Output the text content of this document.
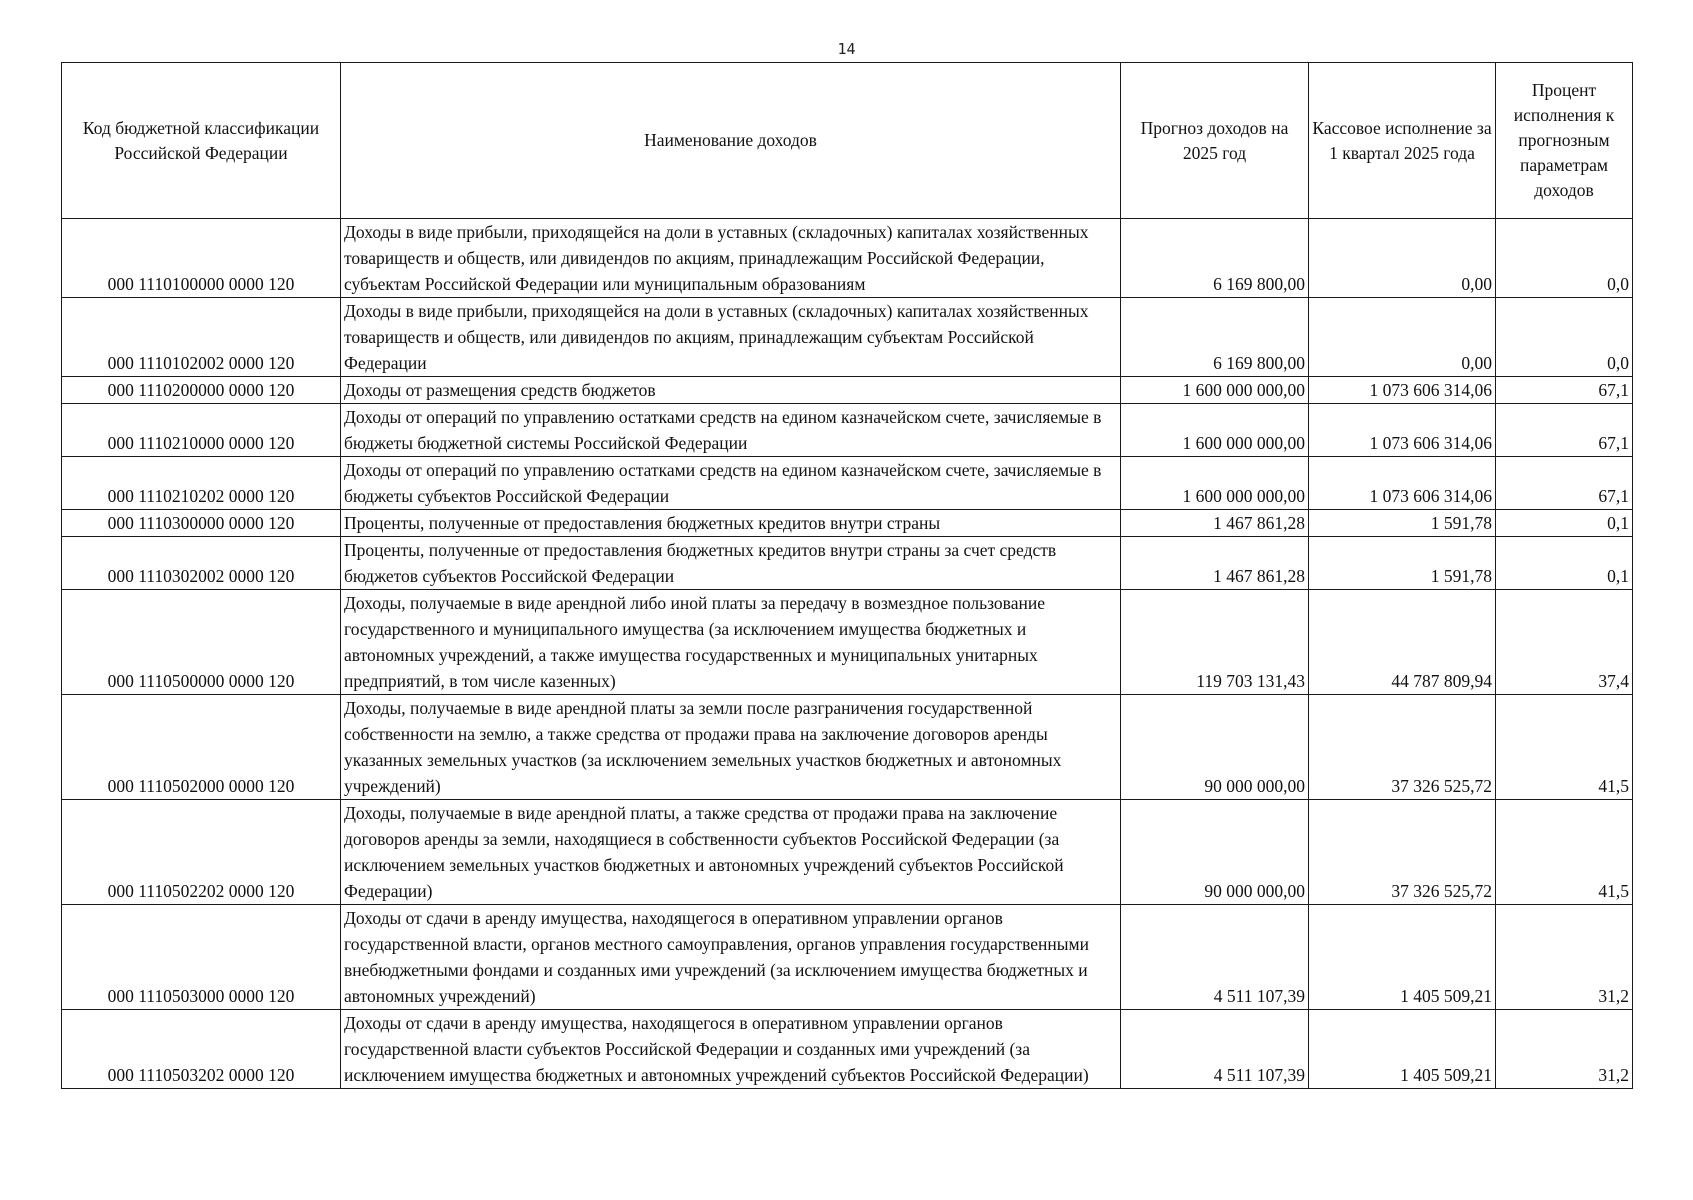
14
Код бюджетной классификации Российской Федерации	Наименование доходов	Прогноз доходов на 2025 год	Кассовое исполнение за 1 квартал 2025 года	Процент исполнения к прогнозным параметрам доходов
000 1110100000 0000 120	Доходы в виде прибыли, приходящейся на доли в уставных (складочных) капиталах хозяйственных товариществ и обществ, или дивидендов по акциям, принадлежащим Российской Федерации, субъектам Российской Федерации или муниципальным образованиям	6 169 800,00	0,00	0,0
000 1110102002 0000 120	Доходы в виде прибыли, приходящейся на доли в уставных (складочных) капиталах хозяйственных товариществ и обществ, или дивидендов по акциям, принадлежащим субъектам Российской Федерации	6 169 800,00	0,00	0,0
000 1110200000 0000 120	Доходы от размещения средств бюджетов	1 600 000 000,00	1 073 606 314,06	67,1
000 1110210000 0000 120	Доходы от операций по управлению остатками средств на едином казначейском счете, зачисляемые в бюджеты бюджетной системы Российской Федерации	1 600 000 000,00	1 073 606 314,06	67,1
000 1110210202 0000 120	Доходы от операций по управлению остатками средств на едином казначейском счете, зачисляемые в бюджеты субъектов Российской Федерации	1 600 000 000,00	1 073 606 314,06	67,1
000 1110300000 0000 120	Проценты, полученные от предоставления бюджетных кредитов внутри страны	1 467 861,28	1 591,78	0,1
000 1110302002 0000 120	Проценты, полученные от предоставления бюджетных кредитов внутри страны за счет средств бюджетов субъектов Российской Федерации	1 467 861,28	1 591,78	0,1
000 1110500000 0000 120	Доходы, получаемые в виде арендной либо иной платы за передачу в возмездное пользование государственного и муниципального имущества (за исключением имущества бюджетных и автономных учреждений, а также имущества государственных и муниципальных унитарных предприятий, в том числе казенных)	119 703 131,43	44 787 809,94	37,4
000 1110502000 0000 120	Доходы, получаемые в виде арендной платы за земли после разграничения государственной собственности на землю, а также средства от продажи права на заключение договоров аренды указанных земельных участков (за исключением земельных участков бюджетных и автономных учреждений)	90 000 000,00	37 326 525,72	41,5
000 1110502202 0000 120	Доходы, получаемые в виде арендной платы, а также средства от продажи права на заключение договоров аренды за земли, находящиеся в собственности субъектов Российской Федерации (за исключением земельных участков бюджетных и автономных учреждений субъектов Российской Федерации)	90 000 000,00	37 326 525,72	41,5
000 1110503000 0000 120	Доходы от сдачи в аренду имущества, находящегося в оперативном управлении органов государственной власти, органов местного самоуправления, органов управления государственными внебюджетными фондами и созданных ими учреждений (за исключением имущества бюджетных и автономных учреждений)	4 511 107,39	1 405 509,21	31,2
000 1110503202 0000 120	Доходы от сдачи в аренду имущества, находящегося в оперативном управлении органов государственной власти субъектов Российской Федерации и созданных ими учреждений (за исключением имущества бюджетных и автономных учреждений субъектов Российской Федерации)	4 511 107,39	1 405 509,21	31,2
